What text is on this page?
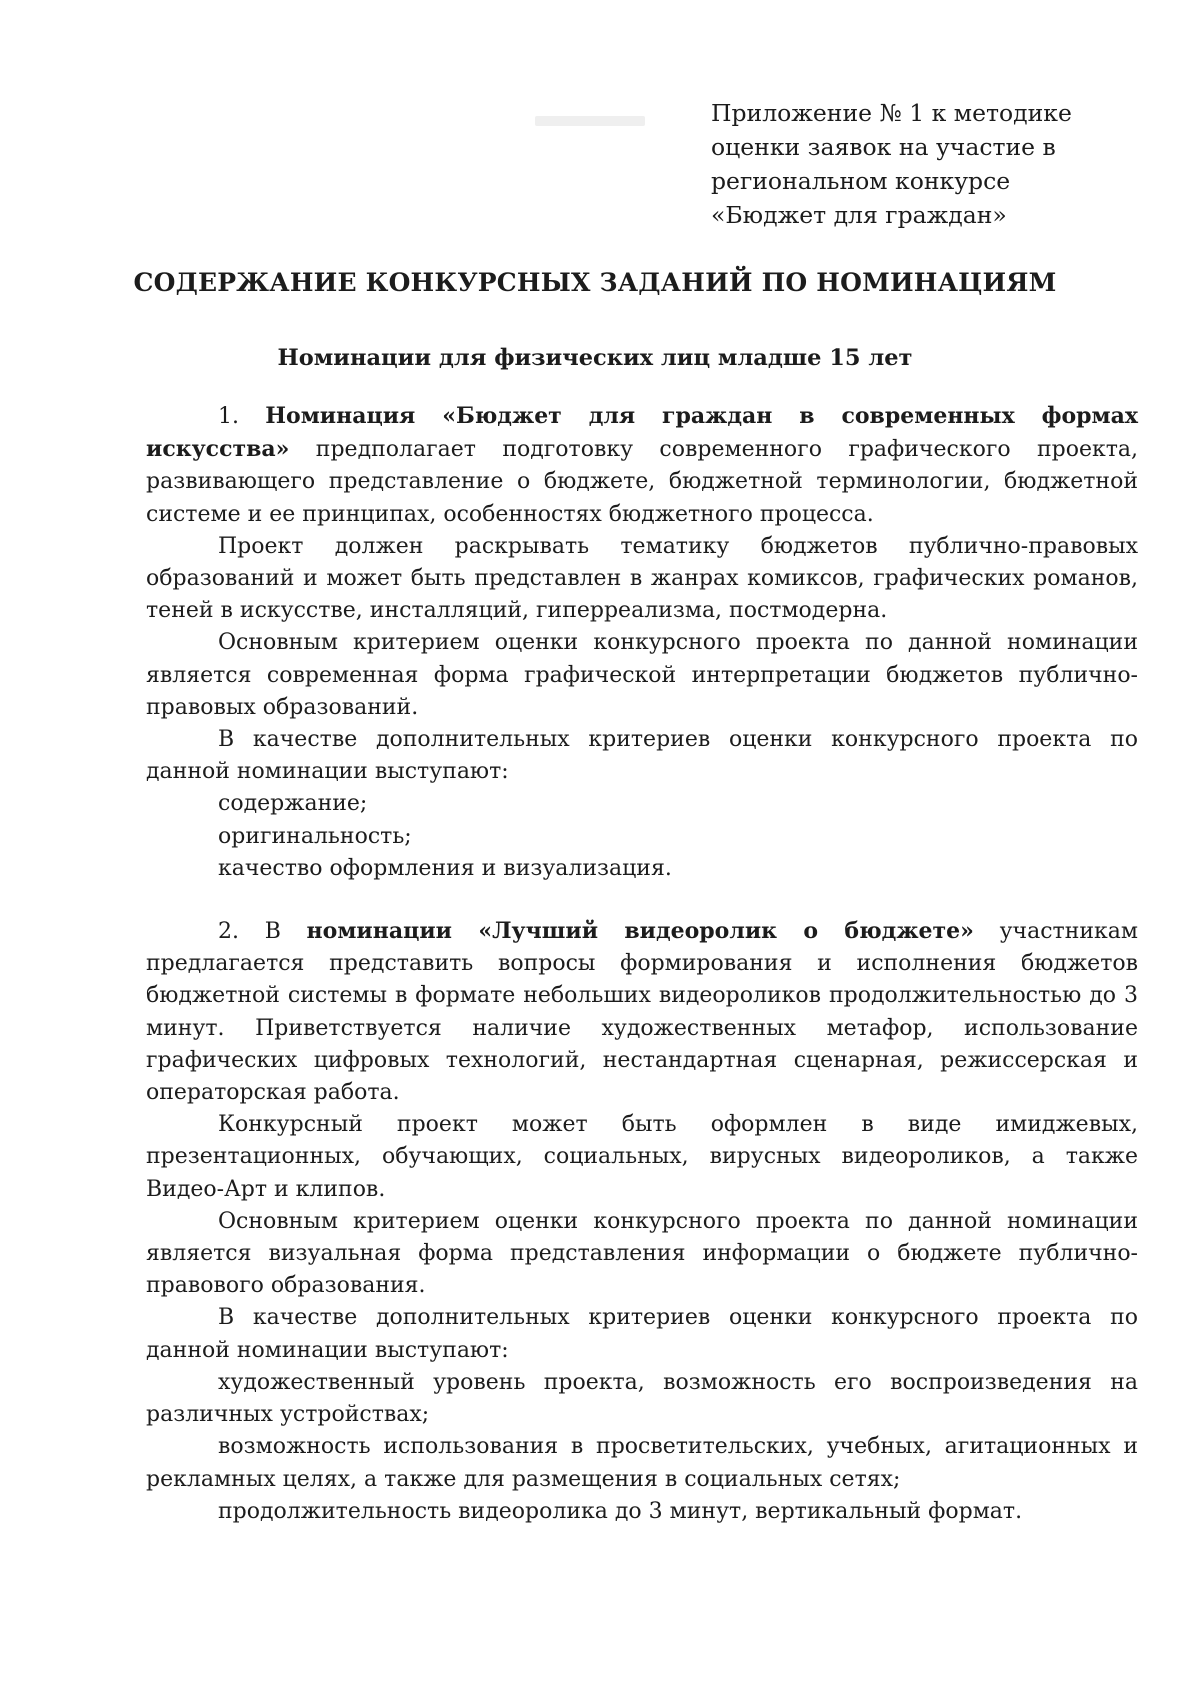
Приложение № 1 к методике
оценки заявок на участие в
региональном конкурсе
«Бюджет для граждан»
СОДЕРЖАНИЕ КОНКУРСНЫХ ЗАДАНИЙ ПО НОМИНАЦИЯМ
Номинации для физических лиц младше 15 лет

1. Номинация «Бюджет для граждан в современных формах искусства» предполагает подготовку современного графического проекта, развивающего представление о бюджете, бюджетной терминологии, бюджетной системе и ее принципах, особенностях бюджетного процесса.

Проект должен раскрывать тематику бюджетов публично-правовых образований и может быть представлен в жанрах комиксов, графических романов, теней в искусстве, инсталляций, гиперреализма, постмодерна.

Основным критерием оценки конкурсного проекта по данной номинации является современная форма графической интерпретации бюджетов публично-правовых образований.

В качестве дополнительных критериев оценки конкурсного проекта по данной номинации выступают:

содержание;

оригинальность;

качество оформления и визуализация.

2. В номинации «Лучший видеоролик о бюджете» участникам предлагается представить вопросы формирования и исполнения бюджетов бюджетной системы в формате небольших видеороликов продолжительностью до 3 минут. Приветствуется наличие художественных метафор, использование графических цифровых технологий, нестандартная сценарная, режиссерская и операторская работа.

Конкурсный проект может быть оформлен в виде имиджевых, презентационных, обучающих, социальных, вирусных видеороликов, а также Видео-Арт и клипов.

Основным критерием оценки конкурсного проекта по данной номинации является визуальная форма представления информации о бюджете публично-правового образования.

В качестве дополнительных критериев оценки конкурсного проекта по данной номинации выступают:

художественный уровень проекта, возможность его воспроизведения на различных устройствах;

возможность использования в просветительских, учебных, агитационных и рекламных целях, а также для размещения в социальных сетях;

продолжительность видеоролика до 3 минут, вертикальный формат.
